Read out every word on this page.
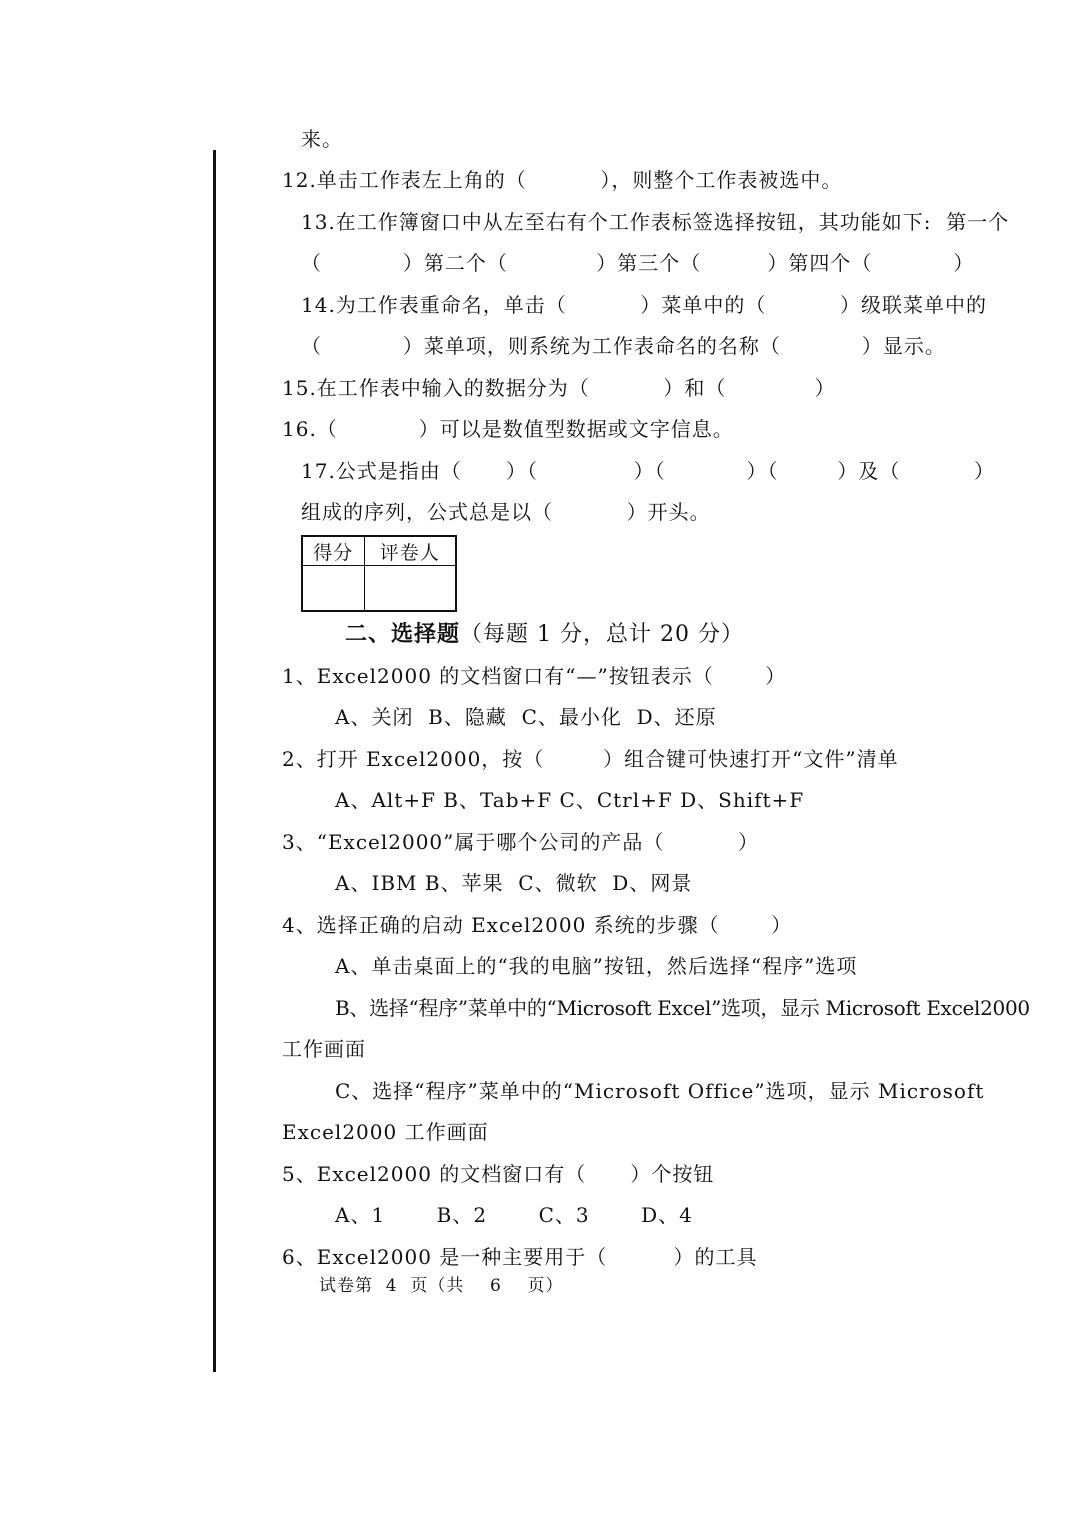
来。
12.单击工作表左上角的（          ），则整个工作表被选中。
13.在工作簿窗口中从左至右有个工作表标签选择按钮，其功能如下:  第一个
（           ）第二个（            ）第三个（         ）第四个（           ）
14.为工作表重命名，单击（          ）菜单中的（          ）级联菜单中的
（           ）菜单项，则系统为工作表命名的名称（           ）显示。
15.在工作表中输入的数据分为（          ）和（            ）
16.（           ）可以是数值型数据或文字信息。
17.公式是指由（      ）（             ）（           ）（        ）及（          ）
组成的序列，公式总是以（          ）开头。
得分	评卷人

二、选择题（每题 1 分，总计 20 分）
1、Excel2000 的文档窗口有“—”按钮表示（       ）
A、关闭  B、隐藏  C、最小化  D、还原
2、打开 Excel2000，按（        ）组合键可快速打开“文件”清单
A、Alt+F B、Tab+F C、Ctrl+F D、Shift+F
3、“Excel2000”属于哪个公司的产品（          ）
A、IBM B、苹果  C、微软  D、网景
4、选择正确的启动 Excel2000 系统的步骤（       ）
A、单击桌面上的“我的电脑”按钮，然后选择“程序”选项
B、选择“程序”菜单中的“Microsoft Excel”选项，显示 Microsoft Excel2000
工作画面
C、选择“程序”菜单中的“Microsoft Office”选项，显示 Microsoft
Excel2000 工作画面
5、Excel2000 的文档窗口有（      ）个按钮
A、1       B、2       C、3       D、4
6、Excel2000 是一种主要用于（         ）的工具
试卷第  4  页（共    6    页）
